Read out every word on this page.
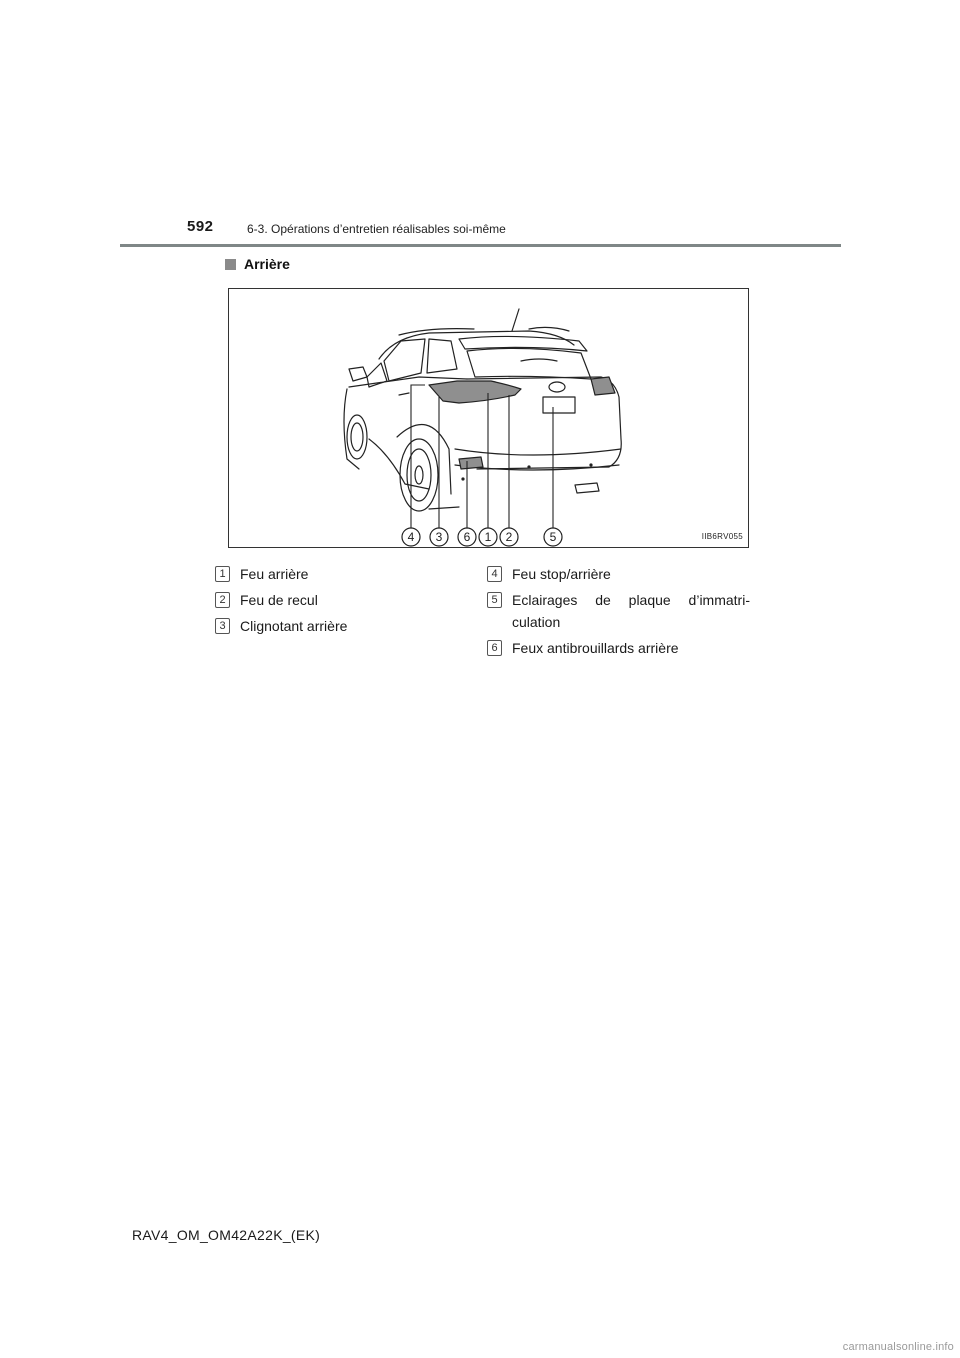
592	6-3. Opérations d’entretien réalisables soi-même
Arrière
4 3 6 1 2	5	IIB6RV055
1	Feu arrière
2	Feu de recul
3	Clignotant arrière
4	Feu stop/arrière
5	Eclairages de plaque d’immatri-
culation
6	Feux antibrouillards arrière
RAV4_OM_OM42A22K_(EK)
carmanualsonline.info
